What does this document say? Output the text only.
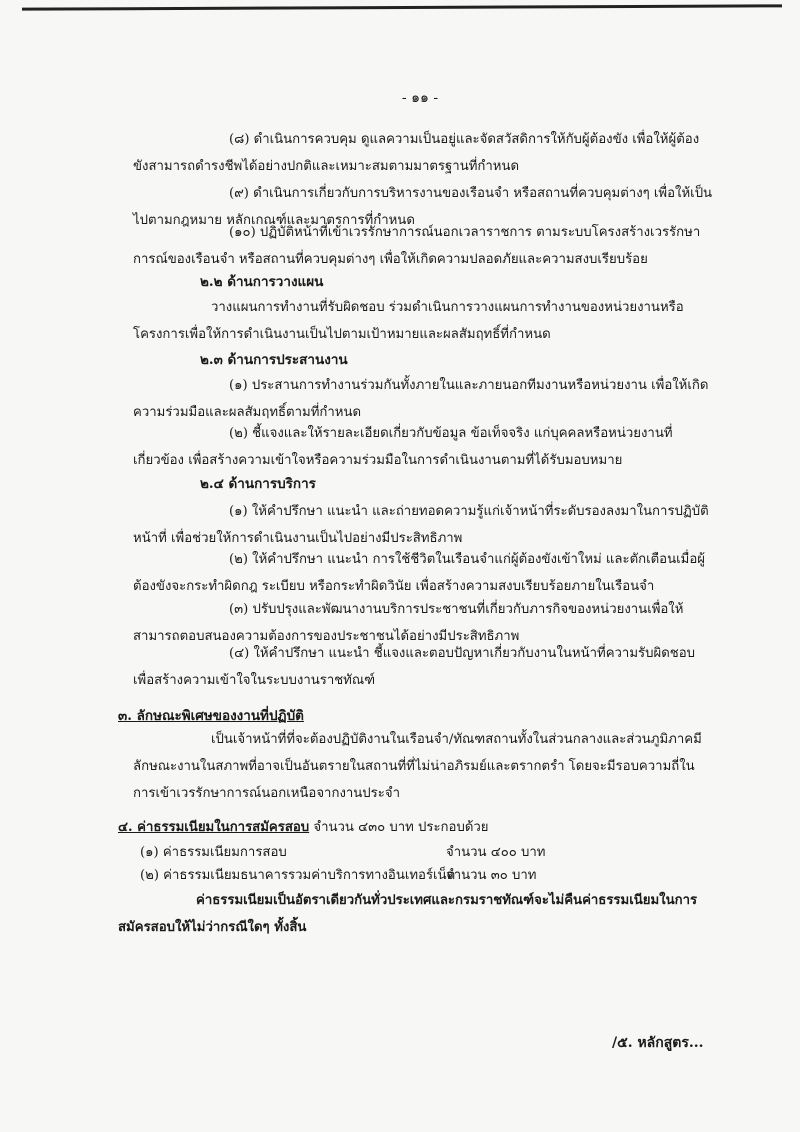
- ๑๑ -
(๘) ดำเนินการควบคุม ดูแลความเป็นอยู่และจัดสวัสดิการให้กับผู้ต้องขัง เพื่อให้ผู้ต้องขังสามารถดำรงชีพได้อย่างปกติและเหมาะสมตามมาตรฐานที่กำหนด
(๙) ดำเนินการเกี่ยวกับการบริหารงานของเรือนจำ หรือสถานที่ควบคุมต่างๆ เพื่อให้เป็นไปตามกฎหมาย หลักเกณฑ์และมาตรการที่กำหนด
(๑๐) ปฏิบัติหน้าที่เข้าเวรรักษาการณ์นอกเวลาราชการ ตามระบบโครงสร้างเวรรักษาการณ์ของเรือนจำ หรือสถานที่ควบคุมต่างๆ เพื่อให้เกิดความปลอดภัยและความสงบเรียบร้อย
๒.๒ ด้านการวางแผน
วางแผนการทำงานที่รับผิดชอบ ร่วมดำเนินการวางแผนการทำงานของหน่วยงานหรือโครงการเพื่อให้การดำเนินงานเป็นไปตามเป้าหมายและผลสัมฤทธิ์ที่กำหนด
๒.๓ ด้านการประสานงาน
(๑) ประสานการทำงานร่วมกันทั้งภายในและภายนอกทีมงานหรือหน่วยงาน เพื่อให้เกิดความร่วมมือและผลสัมฤทธิ์ตามที่กำหนด
(๒) ชี้แจงและให้รายละเอียดเกี่ยวกับข้อมูล ข้อเท็จจริง แก่บุคคลหรือหน่วยงานที่เกี่ยวข้อง เพื่อสร้างความเข้าใจหรือความร่วมมือในการดำเนินงานตามที่ได้รับมอบหมาย
๒.๔ ด้านการบริการ
(๑) ให้คำปรึกษา แนะนำ และถ่ายทอดความรู้แก่เจ้าหน้าที่ระดับรองลงมาในการปฏิบัติหน้าที่ เพื่อช่วยให้การดำเนินงานเป็นไปอย่างมีประสิทธิภาพ
(๒) ให้คำปรึกษา แนะนำ การใช้ชีวิตในเรือนจำแก่ผู้ต้องขังเข้าใหม่ และตักเตือนเมื่อผู้ต้องขังจะกระทำผิดกฎ ระเบียบ หรือกระทำผิดวินัย เพื่อสร้างความสงบเรียบร้อยภายในเรือนจำ
(๓) ปรับปรุงและพัฒนางานบริการประชาชนที่เกี่ยวกับภารกิจของหน่วยงานเพื่อให้สามารถตอบสนองความต้องการของประชาชนได้อย่างมีประสิทธิภาพ
(๔) ให้คำปรึกษา แนะนำ ชี้แจงและตอบปัญหาเกี่ยวกับงานในหน้าที่ความรับผิดชอบเพื่อสร้างความเข้าใจในระบบงานราชทัณฑ์
๓. ลักษณะพิเศษของงานที่ปฏิบัติ
เป็นเจ้าหน้าที่ที่จะต้องปฏิบัติงานในเรือนจำ/ทัณฑสถานทั้งในส่วนกลางและส่วนภูมิภาคมีลักษณะงานในสภาพที่อาจเป็นอันตรายในสถานที่ที่ไม่น่าอภิรมย์และตรากตรำ โดยจะมีรอบความถี่ในการเข้าเวรรักษาการณ์นอกเหนือจากงานประจำ
๔. ค่าธรรมเนียมในการสมัครสอบ จำนวน ๔๓๐ บาท ประกอบด้วย
(๑) ค่าธรรมเนียมการสอบ	จำนวน ๔๐๐ บาท
(๒) ค่าธรรมเนียมธนาคารรวมค่าบริการทางอินเทอร์เน็ต
จำนวน ๓๐ บาท
ค่าธรรมเนียมเป็นอัตราเดียวกันทั่วประเทศและกรมราชทัณฑ์จะไม่คืนค่าธรรมเนียมในการสมัครสอบให้ไม่ว่ากรณีใดๆ ทั้งสิ้น
/๕. หลักสูตร...
